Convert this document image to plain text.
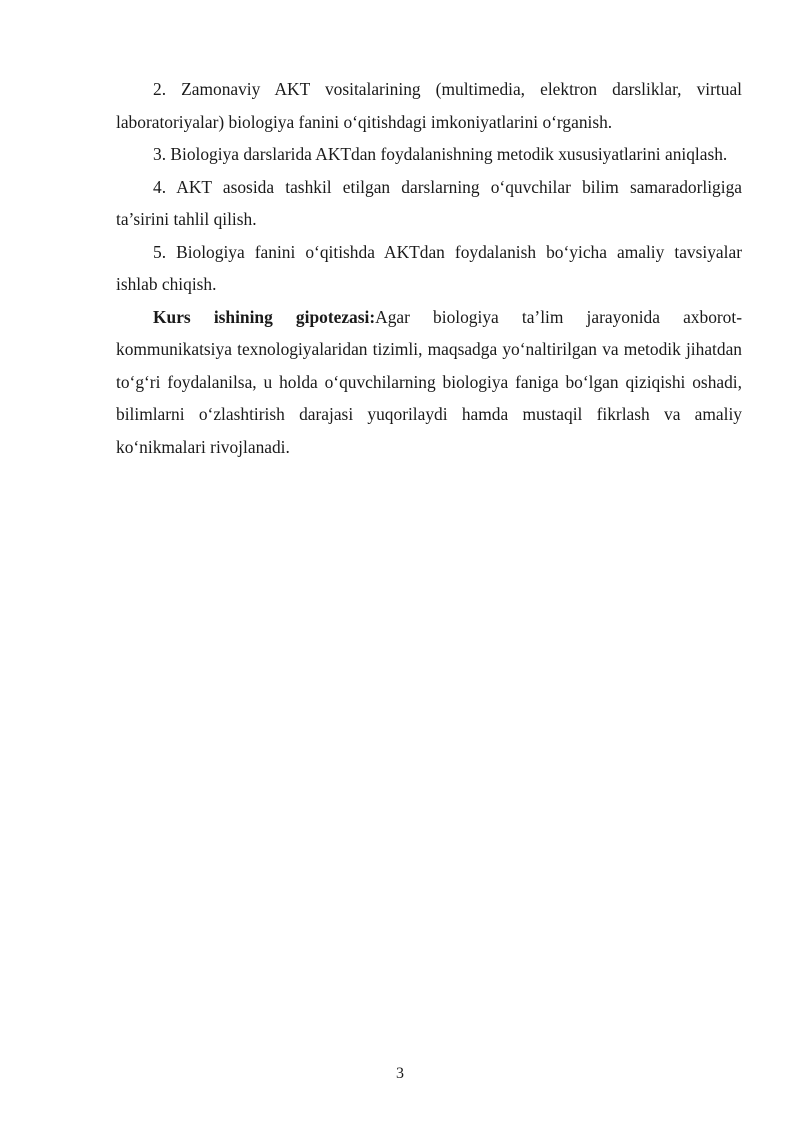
2. Zamonaviy AKT vositalarining (multimedia, elektron darsliklar, virtual laboratoriyalar) biologiya fanini o‘qitishdagi imkoniyatlarini o‘rganish.

3. Biologiya darslarida AKTdan foydalanishning metodik xususiyatlarini aniqlash.

4. AKT asosida tashkil etilgan darslarning o‘quvchilar bilim samaradorligiga ta’sirini tahlil qilish.

5. Biologiya fanini o‘qitishda AKTdan foydalanish bo‘yicha amaliy tavsiyalar ishlab chiqish.

Kurs ishining gipotezasi:Agar biologiya ta’lim jarayonida axborot-kommunikatsiya texnologiyalaridan tizimli, maqsadga yo‘naltirilgan va metodik jihatdan to‘g‘ri foydalanilsa, u holda o‘quvchilarning biologiya faniga bo‘lgan qiziqishi oshadi, bilimlarni o‘zlashtirish darajasi yuqorilaydi hamda mustaqil fikrlash va amaliy ko‘nikmalari rivojlanadi.

3
